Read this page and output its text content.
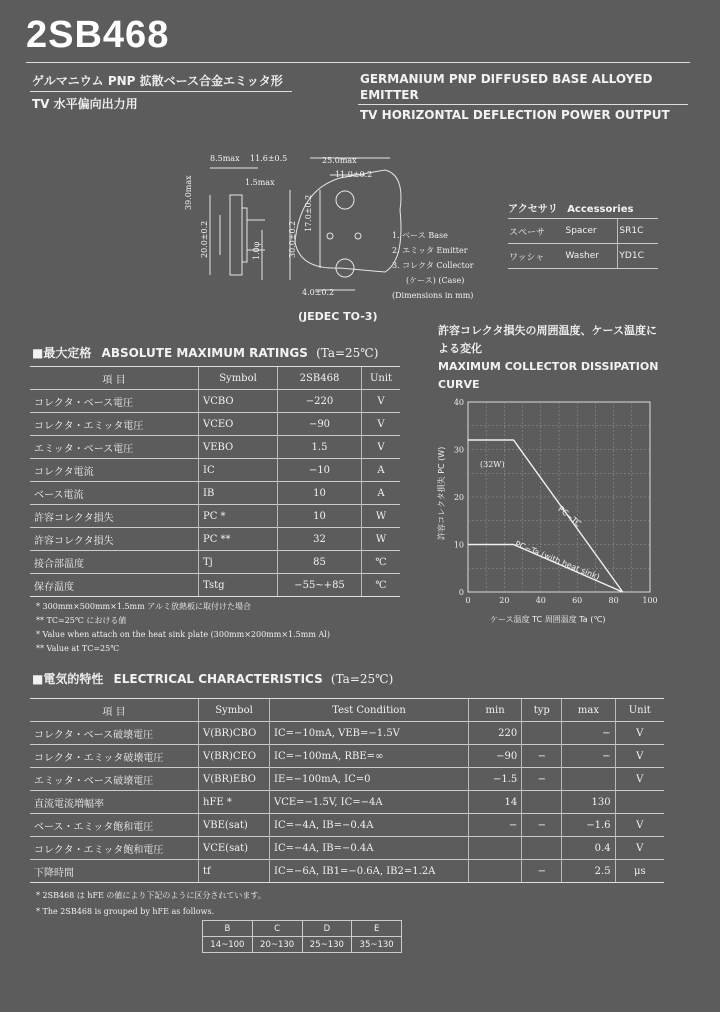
2SB468
ゲルマニウム PNP 拡散ベース合金エミッタ形
TV 水平偏向出力用
GERMANIUM PNP DIFFUSED BASE ALLOYED
EMITTER
TV HORIZONTAL DEFLECTION POWER OUTPUT
8.5max 11.6±0.5
1.5max
25.0max
11.0±0.2
39.0max
20.0±0.2
17.0±0.2
30.0±0.2
1.0φ
4.0±0.2
1. ベース Base
2. エミッタ Emitter
3. コレクタ Collector
(ケース) (Case)
(Dimensions in mm)
(JEDEC TO-3)
アクセサリ Accessories
スペーサ	Spacer	SR1C
ワッシャ	Washer	YD1C
■最大定格 ABSOLUTE MAXIMUM RATINGS (Ta=25℃)
項 目	Symbol	2SB468	Unit
コレクタ・ベース電圧	VCBO	−220	V
コレクタ・エミッタ電圧	VCEO	−90	V
エミッタ・ベース電圧	VEBO	1.5	V
コレクタ電流	IC	−10	A
ベース電流	IB	10	A
許容コレクタ損失	PC *	10	W
許容コレクタ損失	PC **	32	W
接合部温度	Tj	85	℃
保存温度	Tstg	−55~+85	℃
* 300mm×500mm×1.5mm アルミ放熱板に取付けた場合
** TC=25℃ における値
* Value when attach on the heat sink plate (300mm×200mm×1.5mm Al)
** Value at TC=25℃
許容コレクタ損失の周囲温度、ケース温度に
よる変化
MAXIMUM COLLECTOR DISSIPATION
CURVE
0	20	40	60	80	100
0
10
20
30
40
許容コレクタ損失 PC (W)
ケース温度 TC 周囲温度 Ta (℃)
(32W)
PC−TC
PC−Ta (with heat sink)
■電気的特性 ELECTRICAL CHARACTERISTICS (Ta=25℃)
項 目	Symbol	Test Condition	min	typ	max	Unit
コレクタ・ベース破壊電圧	V(BR)CBO	IC=−10mA, VEB=−1.5V	220		−	V
コレクタ・エミッタ破壊電圧	V(BR)CEO	IC=−100mA, RBE=∞	−90	−	−	V
エミッタ・ベース破壊電圧	V(BR)EBO	IE=−100mA, IC=0	−1.5	−		V
直流電流増幅率	hFE *	VCE=−1.5V, IC=−4A	14		130	
ベース・エミッタ飽和電圧	VBE(sat)	IC=−4A, IB=−0.4A	−	−	−1.6	V
コレクタ・エミッタ飽和電圧	VCE(sat)	IC=−4A, IB=−0.4A			0.4	V
下降時間	tf	IC=−6A, IB1=−0.6A, IB2=1.2A		−	2.5	μs
* 2SB468 は hFE の値により下記のように区分されています。
* The 2SB468 is grouped by hFE as follows.
B	C	D	E
14~100	20~130	25~130	35~130
